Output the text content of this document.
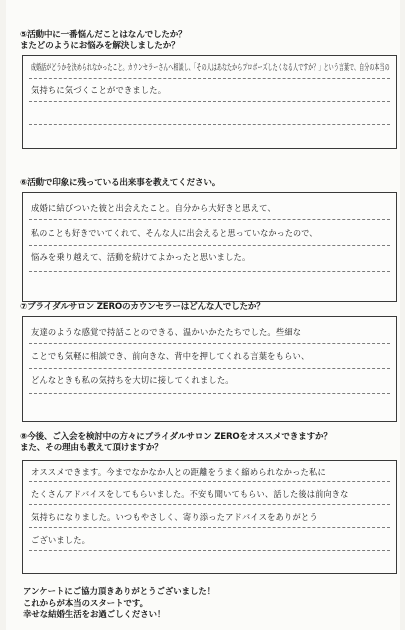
⑤活動中に一番悩んだことはなんでしたか？
またどのようにお悩みを解決しましたか？
成婚話がどうかを決められなかったこと。カウンセラーさんへ相談し、「その人はあなたからプロポーズしたくなる人ですか？」という言葉で、自分の本当の
気持ちに気づくことができました。
⑥活動で印象に残っている出来事を教えてください。
成婚に結びついた彼と出会えたこと。自分から大好きと思えて、
私のことも好きでいてくれて、そんな人に出会えると思っていなかったので、
悩みを乗り越えて、活動を続けてよかったと思いました。
⑦ブライダルサロン ZEROのカウンセラーはどんな人でしたか？
友達のような感覚で持話ことのできる、温かいかたたちでした。些細な
ことでも気軽に相談でき、前向きな、背中を押してくれる言葉をもらい、
どんなときも私の気持ちを大切に接してくれました。
⑧今後、ご入会を検討中の方々にブライダルサロン ZEROをオススメできますか？
また、その理由も教えて頂けますか？
オススメできます。今までなかなか人との距離をうまく縮められなかった私に
たくさんアドバイスをしてもらいました。不安も聞いてもらい、話した後は前向きな
気持ちになりました。いつもやさしく、寄り添ったアドバイスをありがとう
ございました。
アンケートにご協力頂きありがとうございました！
これからが本当のスタートです。
幸せな結婚生活をお過ごしください！
